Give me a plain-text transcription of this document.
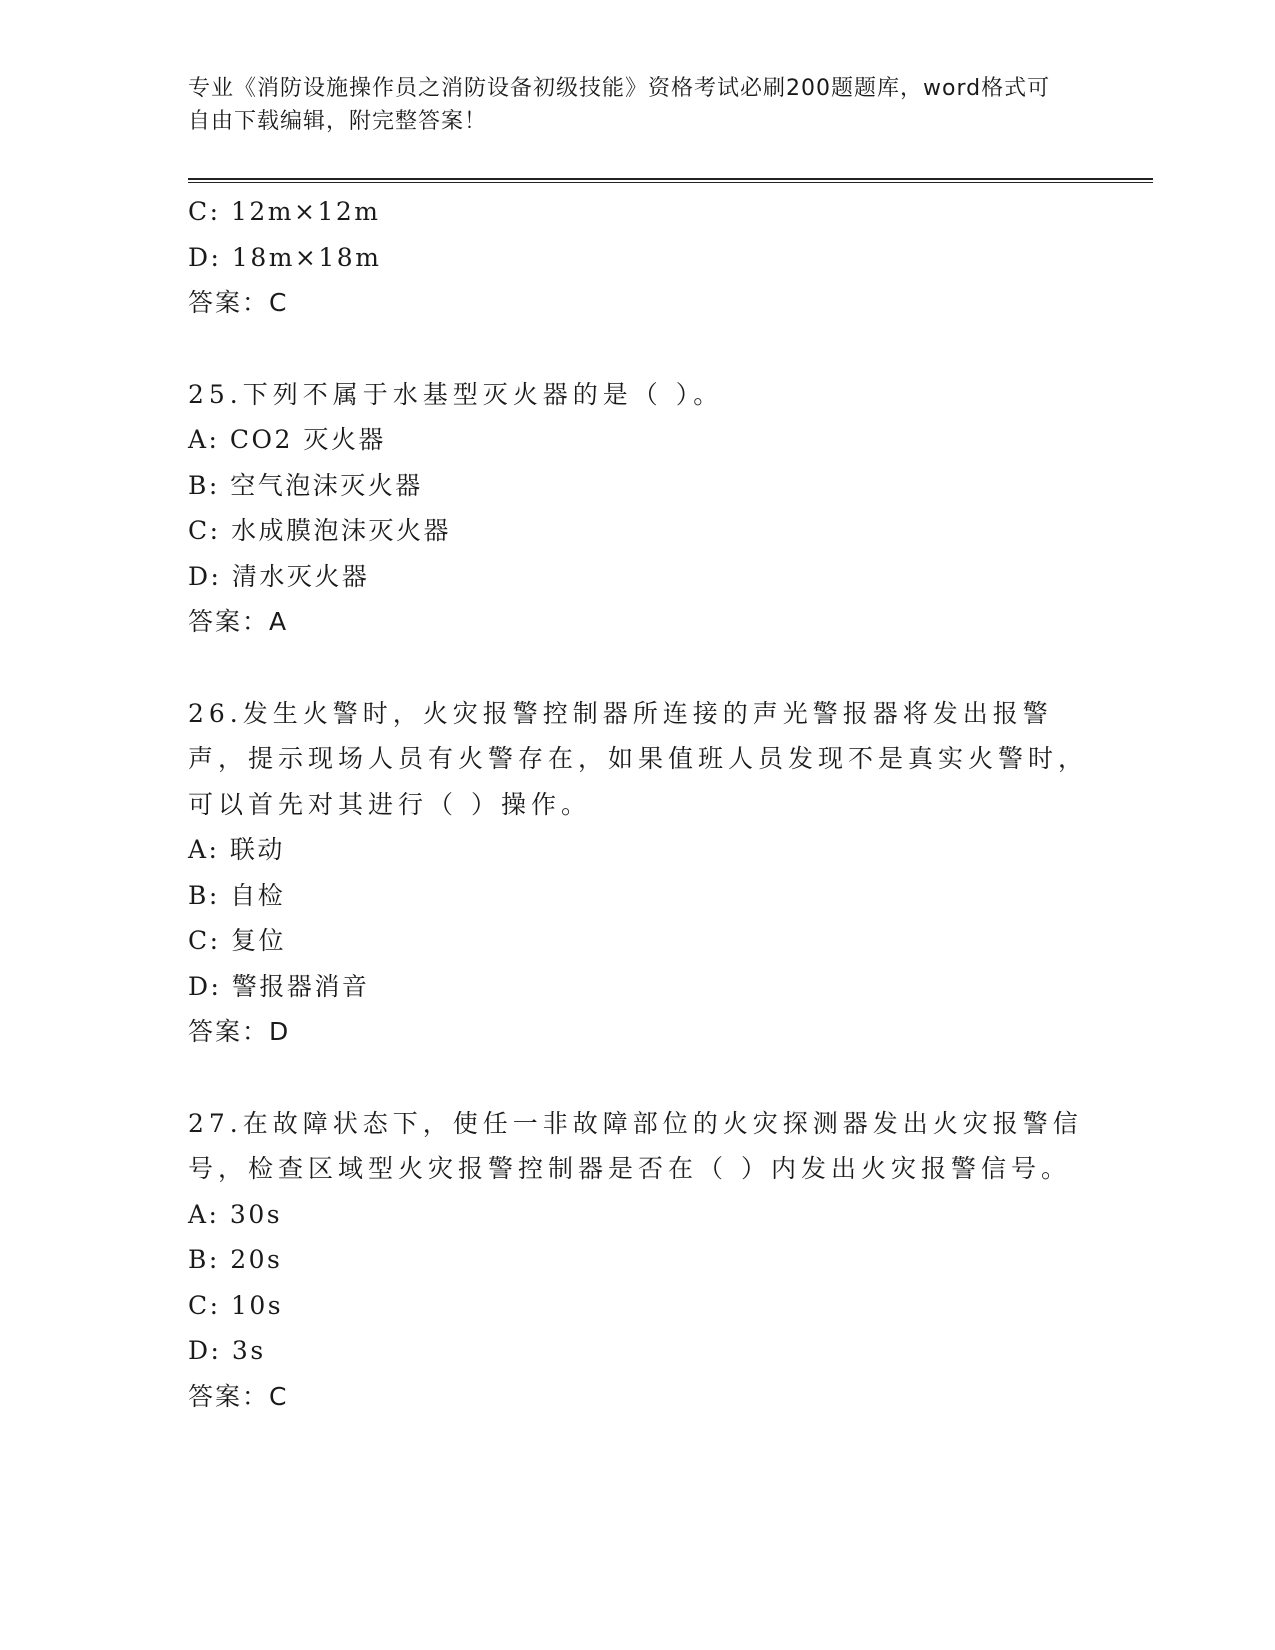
专业《消防设施操作员之消防设备初级技能》资格考试必刷200题题库，word格式可自由下载编辑，附完整答案！
C: 12m×12m
D: 18m×18m
答案：C
25.下列不属于水基型灭火器的是（ ）。
A: CO2 灭火器
B: 空气泡沫灭火器
C: 水成膜泡沫灭火器
D: 清水灭火器
答案：A
26.发生火警时，火灾报警控制器所连接的声光警报器将发出报警声，提示现场人员有火警存在，如果值班人员发现不是真实火警时，可以首先对其进行（ ）操作。
A: 联动
B: 自检
C: 复位
D: 警报器消音
答案：D
27.在故障状态下，使任一非故障部位的火灾探测器发出火灾报警信号，检查区域型火灾报警控制器是否在（ ）内发出火灾报警信号。
A: 30s
B: 20s
C: 10s
D: 3s
答案：C
